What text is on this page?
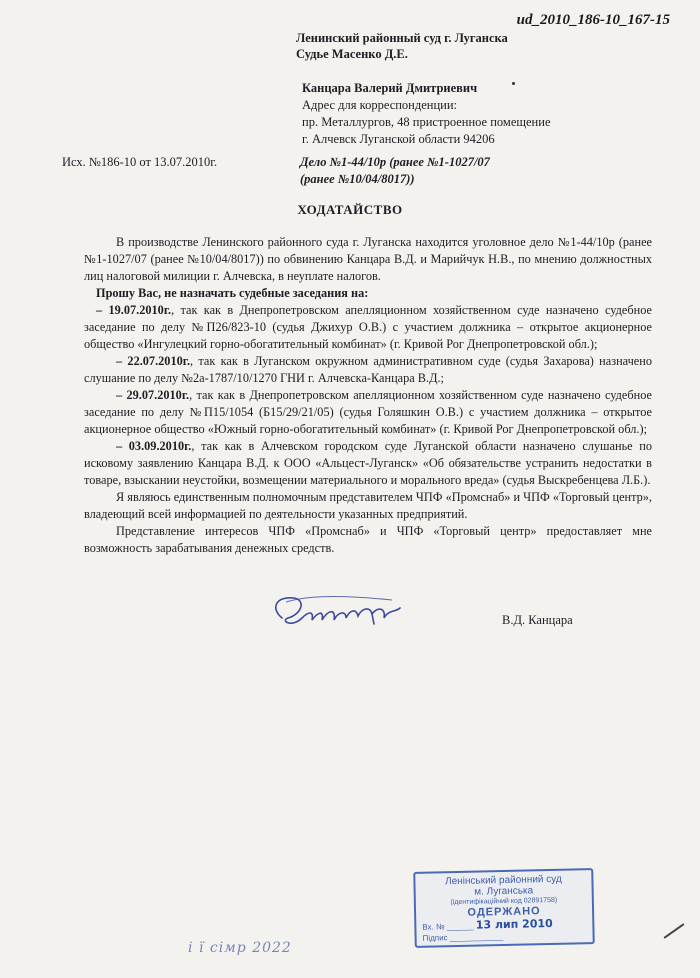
ud_2010_186-10_167-15
Ленинский районный суд г. Луганска
Судье Масенко Д.Е.
Канцара Валерий Дмитриевич
Адрес для корреспонденции:
пр. Металлургов, 48 пристроенное помещение
г. Алчевск Луганской области 94206
Исх. №186-10 от 13.07.2010г.	Дело №1-44/10р (ранее №1-1027/07
(ранее №10/04/8017))
ХОДАТАЙСТВО

В производстве Ленинского районного суда г. Луганска находится уголовное дело №1-44/10р (ранее №1-1027/07 (ранее №10/04/8017)) по обвинению Канцара В.Д. и Марийчук Н.В., по мнению должностных лиц налоговой милиции г. Алчевска, в неуплате налогов.

Прошу Вас, не назначать судебные заседания на:

– 19.07.2010г., так как в Днепропетровском апелляционном хозяйственном суде назначено судебное заседание по делу №П26/823-10 (судья Джихур О.В.) с участием должника – открытое акционерное общество «Ингулецкий горно-обогатительный комбинат» (г. Кривой Рог Днепропетровской обл.);

– 22.07.2010г., так как в Луганском окружном административном суде (судья Захарова) назначено слушание по делу №2а-1787/10/1270 ГНИ г. Алчевска-Канцара В.Д.;

– 29.07.2010г., так как в Днепропетровском апелляционном хозяйственном суде назначено судебное заседание по делу №П15/1054 (Б15/29/21/05) (судья Голяшкин О.В.) с участием должника – открытое акционерное общество «Южный горно-обогатительный комбинат» (г. Кривой Рог Днепропетровской обл.);

– 03.09.2010г., так как в Алчевском городском суде Луганской области назначено слушанье по исковому заявлению Канцара В.Д. к ООО «Альцест-Луганск» «Об обязательстве устранить недостатки в товаре, взыскании неустойки, возмещении материального и морального вреда» (судья Выскребенцева Л.Б.).

Я являюсь единственным полномочным представителем ЧПФ «Промснаб» и ЧПФ «Торговый центр», владеющий всей информацией по деятельности указанных предприятий.

Представление интересов ЧПФ «Промснаб» и ЧПФ «Торговый центр» предоставляет мне возможность зарабатывания денежных средств.

В.Д. Канцара
Ленінський районний суд
м. Луганська
(ідентифікаційний код 02891758)
ОДЕРЖАНО
Вх. № ______ 13 лип 2010
Підпис ____________
і ї сімр 2022
